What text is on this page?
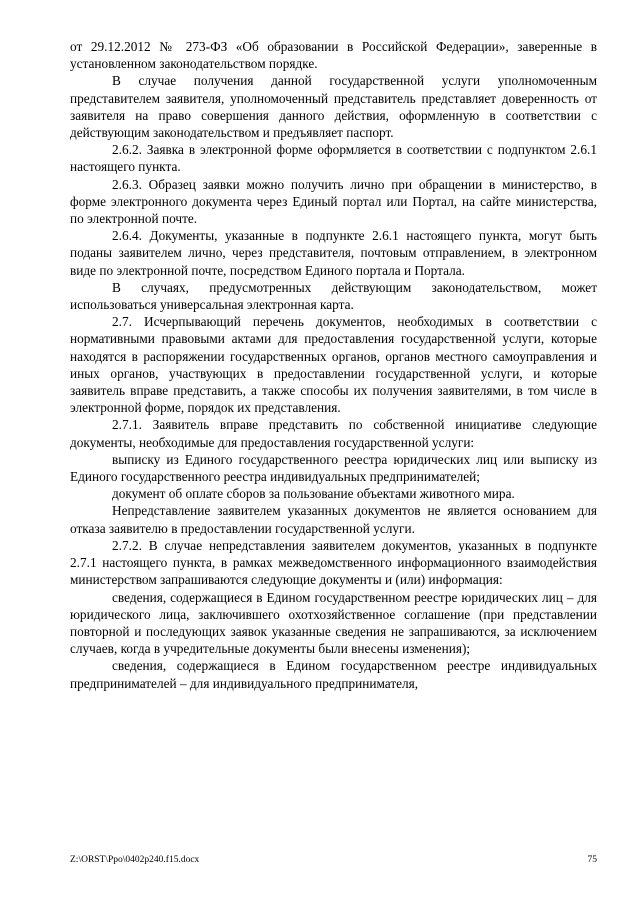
от 29.12.2012 № 273-ФЗ «Об образовании в Российской Федерации», заверенные в установленном законодательством порядке.

В случае получения данной государственной услуги уполномоченным представителем заявителя, уполномоченный представитель представляет доверенность от заявителя на право совершения данного действия, оформленную в соответствии с действующим законодательством и предъявляет паспорт.

2.6.2. Заявка в электронной форме оформляется в соответствии с подпунктом 2.6.1 настоящего пункта.

2.6.3. Образец заявки можно получить лично при обращении в министерство, в форме электронного документа через Единый портал или Портал, на сайте министерства, по электронной почте.

2.6.4. Документы, указанные в подпункте 2.6.1 настоящего пункта, могут быть поданы заявителем лично, через представителя, почтовым отправлением, в электронном виде по электронной почте, посредством Единого портала и Портала.

В случаях, предусмотренных действующим законодательством, может использоваться универсальная электронная карта.

2.7. Исчерпывающий перечень документов, необходимых в соответствии с нормативными правовыми актами для предоставления государственной услуги, которые находятся в распоряжении государственных органов, органов местного самоуправления и иных органов, участвующих в предоставлении государственной услуги, и которые заявитель вправе представить, а также способы их получения заявителями, в том числе в электронной форме, порядок их представления.

2.7.1. Заявитель вправе представить по собственной инициативе следующие документы, необходимые для предоставления государственной услуги:

выписку из Единого государственного реестра юридических лиц или выписку из Единого государственного реестра индивидуальных предпринимателей;

документ об оплате сборов за пользование объектами животного мира.

Непредставление заявителем указанных документов не является основанием для отказа заявителю в предоставлении государственной услуги.

2.7.2. В случае непредставления заявителем документов, указанных в подпункте 2.7.1 настоящего пункта, в рамках межведомственного информационного взаимодействия министерством запрашиваются следующие документы и (или) информация:

сведения, содержащиеся в Едином государственном реестре юридических лиц – для юридического лица, заключившего охотхозяйственное соглашение (при представлении повторной и последующих заявок указанные сведения не запрашиваются, за исключением случаев, когда в учредительные документы были внесены изменения);

сведения, содержащиеся в Едином государственном реестре индивидуальных предпринимателей – для индивидуального предпринимателя,

Z:\ORST\Ppo\0402p240.f15.docx	75
